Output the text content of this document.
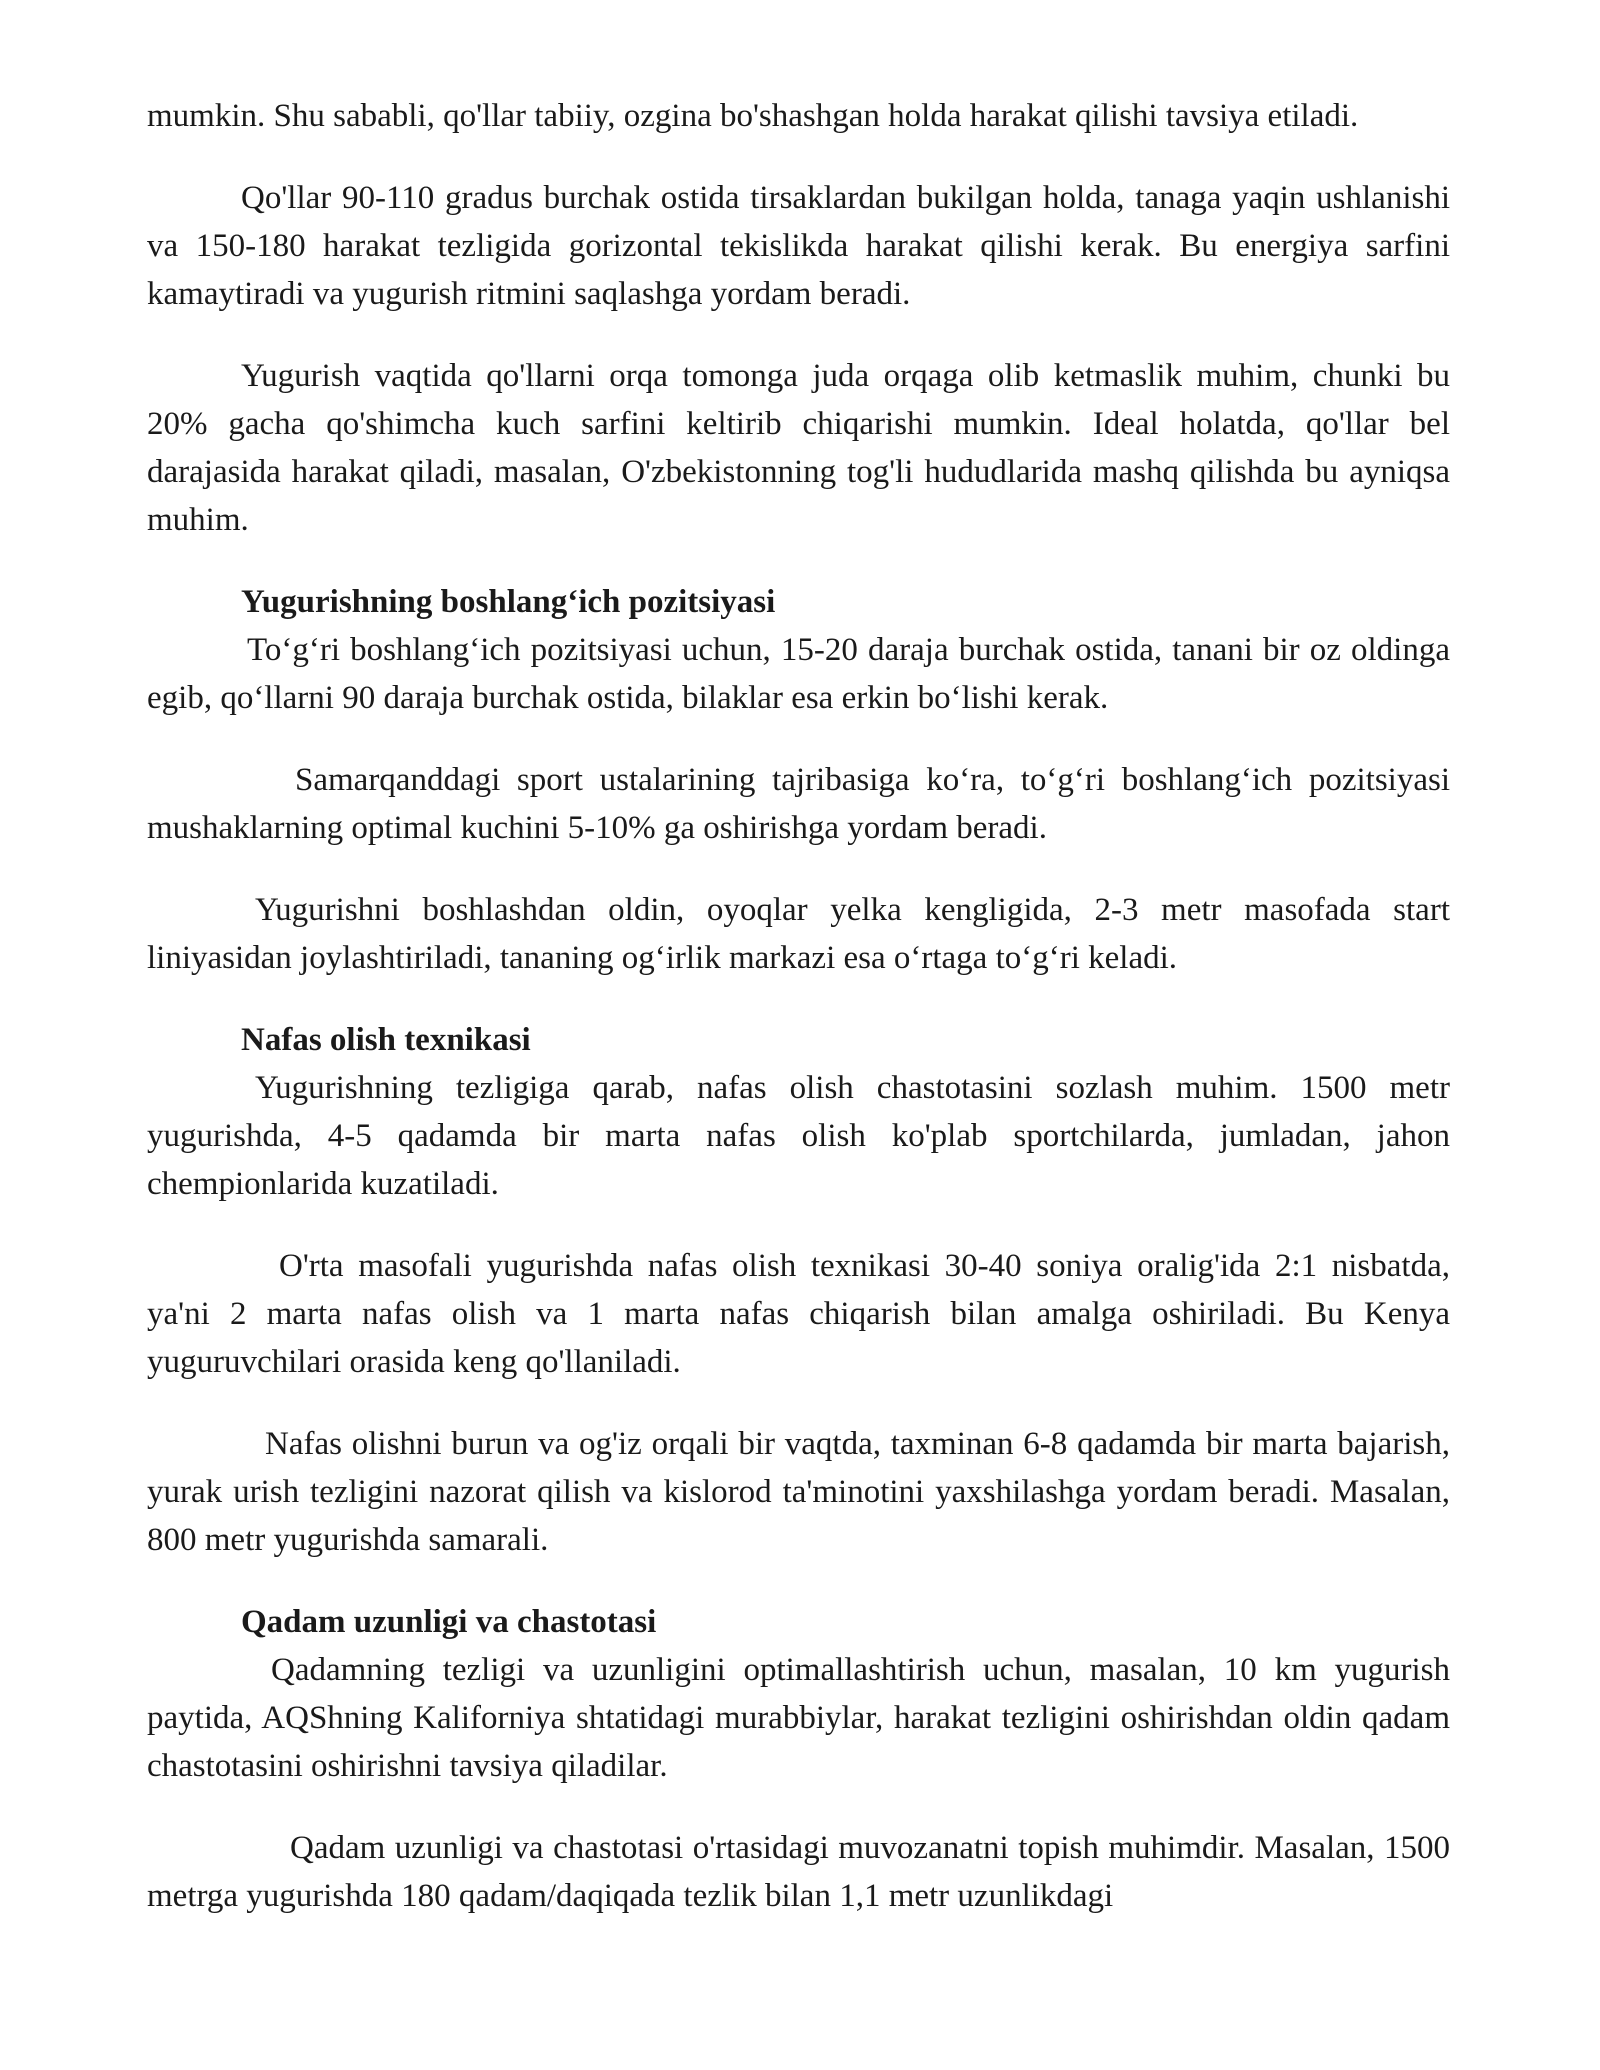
mumkin. Shu sababli, qo'llar tabiiy, ozgina bo'shashgan holda harakat qilishi tavsiya etiladi.

Qo'llar 90-110 gradus burchak ostida tirsaklardan bukilgan holda, tanaga yaqin ushlanishi va 150-180 harakat tezligida gorizontal tekislikda harakat qilishi kerak. Bu energiya sarfini kamaytiradi va yugurish ritmini saqlashga yordam beradi.

Yugurish vaqtida qo'llarni orqa tomonga juda orqaga olib ketmaslik muhim, chunki bu 20% gacha qo'shimcha kuch sarfini keltirib chiqarishi mumkin. Ideal holatda, qo'llar bel darajasida harakat qiladi, masalan, O'zbekistonning tog'li hududlarida mashq qilishda bu ayniqsa muhim.

Yugurishning boshlang‘ich pozitsiyasi

To‘g‘ri boshlang‘ich pozitsiyasi uchun, 15-20 daraja burchak ostida, tanani bir oz oldinga egib, qo‘llarni 90 daraja burchak ostida, bilaklar esa erkin bo‘lishi kerak.

Samarqanddagi sport ustalarining tajribasiga ko‘ra, to‘g‘ri boshlang‘ich pozitsiyasi mushaklarning optimal kuchini 5-10% ga oshirishga yordam beradi.

Yugurishni boshlashdan oldin, oyoqlar yelka kengligida, 2-3 metr masofada start liniyasidan joylashtiriladi, tananing og‘irlik markazi esa o‘rtaga to‘g‘ri keladi.

Nafas olish texnikasi

Yugurishning tezligiga qarab, nafas olish chastotasini sozlash muhim. 1500 metr yugurishda, 4-5 qadamda bir marta nafas olish ko'plab sportchilarda, jumladan, jahon chempionlarida kuzatiladi.

O'rta masofali yugurishda nafas olish texnikasi 30-40 soniya oralig'ida 2:1 nisbatda, ya'ni 2 marta nafas olish va 1 marta nafas chiqarish bilan amalga oshiriladi. Bu Kenya yuguruvchilari orasida keng qo'llaniladi.

Nafas olishni burun va og'iz orqali bir vaqtda, taxminan 6-8 qadamda bir marta bajarish, yurak urish tezligini nazorat qilish va kislorod ta'minotini yaxshilashga yordam beradi. Masalan, 800 metr yugurishda samarali.

Qadam uzunligi va chastotasi

Qadamning tezligi va uzunligini optimallashtirish uchun, masalan, 10 km yugurish paytida, AQShning Kaliforniya shtatidagi murabbiylar, harakat tezligini oshirishdan oldin qadam chastotasini oshirishni tavsiya qiladilar.

Qadam uzunligi va chastotasi o'rtasidagi muvozanatni topish muhimdir. Masalan, 1500 metrga yugurishda 180 qadam/daqiqada tezlik bilan 1,1 metr uzunlikdagi
